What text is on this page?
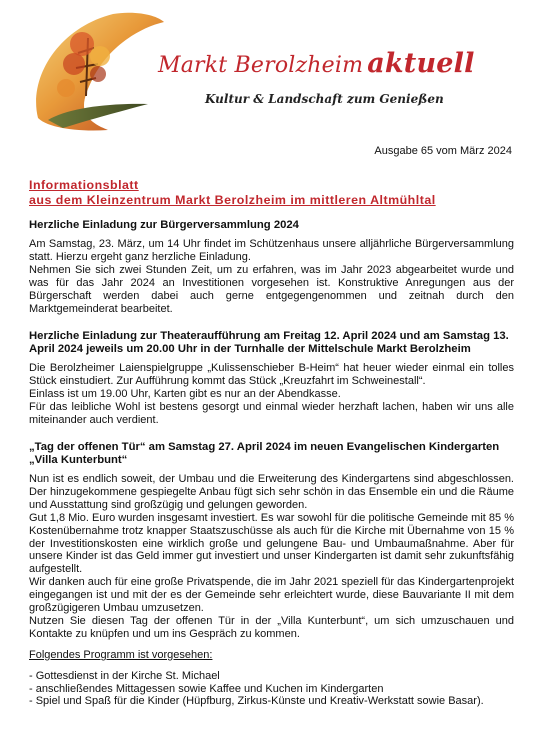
Markt Berolzheim aktuell
Kultur & Landschaft zum Genießen
Ausgabe 65 vom März 2024
Informationsblatt
aus dem Kleinzentrum Markt Berolzheim im mittleren Altmühltal
Herzliche Einladung zur Bürgerversammlung 2024

Am Samstag, 23. März, um 14 Uhr findet im Schützenhaus unsere alljährliche Bürgerversammlung statt. Hierzu ergeht ganz herzliche Einladung.

Nehmen Sie sich zwei Stunden Zeit, um zu erfahren, was im Jahr 2023 abgearbeitet wurde und was für das Jahr 2024 an Investitionen vorgesehen ist. Konstruktive Anregungen aus der Bürgerschaft werden dabei auch gerne entgegengenommen und zeitnah durch den Marktgemeinderat bearbeitet.

Herzliche Einladung zur Theateraufführung am Freitag 12. April 2024 und am Samstag 13. April 2024 jeweils um 20.00 Uhr in der Turnhalle der Mittelschule Markt Berolzheim

Die Berolzheimer Laienspielgruppe „Kulissenschieber B-Heim“ hat heuer wieder einmal ein tolles Stück einstudiert. Zur Aufführung kommt das Stück „Kreuzfahrt im Schweinestall“.

Einlass ist um 19.00 Uhr, Karten gibt es nur an der Abendkasse.

Für das leibliche Wohl ist bestens gesorgt und einmal wieder herzhaft lachen, haben wir uns alle miteinander auch verdient.

„Tag der offenen Tür“ am Samstag 27. April 2024 im neuen Evangelischen Kindergarten „Villa Kunterbunt“

Nun ist es endlich soweit, der Umbau und die Erweiterung des Kindergartens sind abgeschlossen. Der hinzugekommene gespiegelte Anbau fügt sich sehr schön in das Ensemble ein und die Räume und Ausstattung sind großzügig und gelungen geworden.

Gut 1,8 Mio. Euro wurden insgesamt investiert. Es war sowohl für die politische Gemeinde mit 85 % Kostenübernahme trotz knapper Staatszuschüsse als auch für die Kirche mit Übernahme von 15 % der Investitionskosten eine wirklich große und gelungene Bau- und Umbaumaßnahme. Aber für unsere Kinder ist das Geld immer gut investiert und unser Kindergarten ist damit sehr zukunftsfähig aufgestellt.

Wir danken auch für eine große Privatspende, die im Jahr 2021 speziell für das Kindergartenprojekt eingegangen ist und mit der es der Gemeinde sehr erleichtert wurde, diese Bauvariante II mit dem großzügigeren Umbau umzusetzen.

Nutzen Sie diesen Tag der offenen Tür in der „Villa Kunterbunt“, um sich umzuschauen und Kontakte zu knüpfen und um ins Gespräch zu kommen.

Folgendes Programm ist vorgesehen:

- Gottesdienst in der Kirche St. Michael

- anschließendes Mittagessen sowie Kaffee und Kuchen im Kindergarten

- Spiel und Spaß für die Kinder (Hüpfburg, Zirkus-Künste und Kreativ-Werkstatt sowie Basar).
